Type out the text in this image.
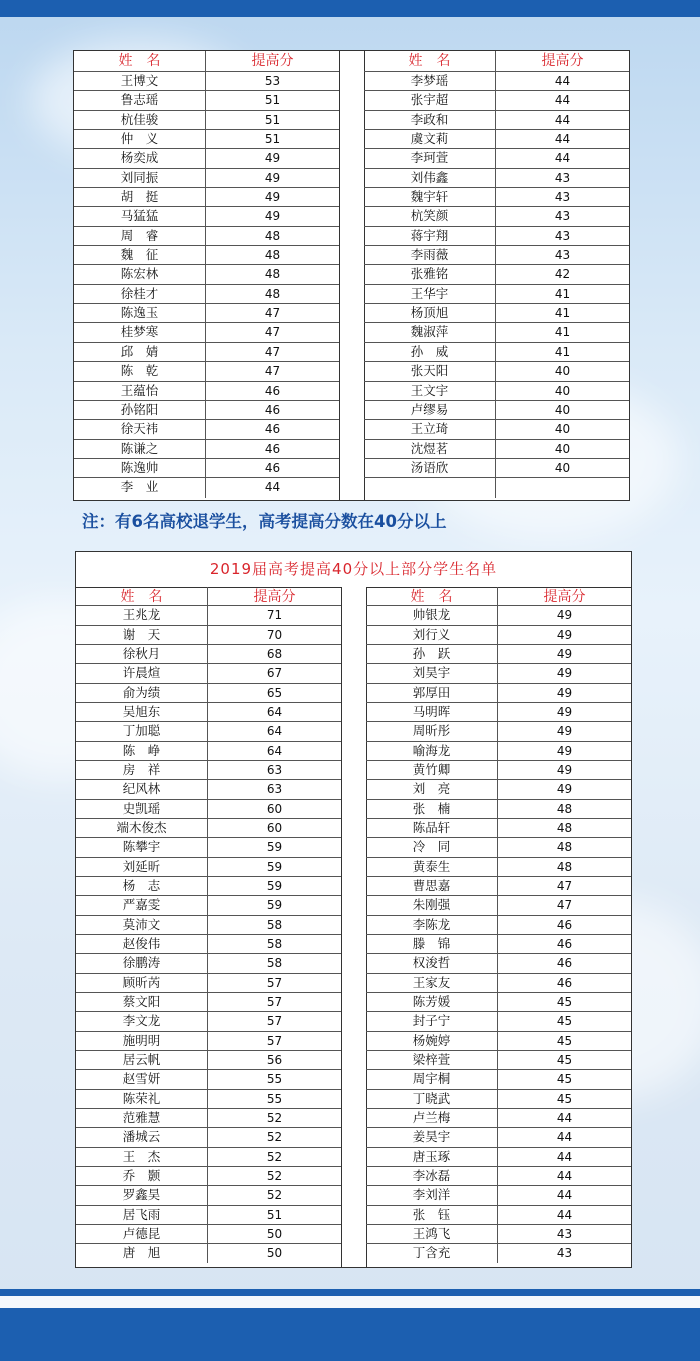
姓　名	提高分
王博文	53
鲁志瑶	51
杭佳骏	51
仲　义	51
杨奕成	49
刘同振	49
胡　挺	49
马猛猛	49
周　睿	48
魏　征	48
陈宏林	48
徐桂才	48
陈逸玉	47
桂梦寒	47
邱　婧	47
陈　乾	47
王蕴怡	46
孙铭阳	46
徐天祎	46
陈谦之	46
陈逸帅	46
李　业	44
姓　名	提高分
李梦瑶	44
张宇超	44
李政和	44
虞文莉	44
李珂萱	44
刘伟鑫	43
魏宇轩	43
杭笑颜	43
蒋宇翔	43
李雨薇	43
张雅铭	42
王华宇	41
杨顶旭	41
魏淑萍	41
孙　威	41
张天阳	40
王文宇	40
卢缪易	40
王立琦	40
沈煜茗	40
汤语欣	40
注：有6名高校退学生，高考提高分数在40分以上
2019届高考提高40分以上部分学生名单
姓　名	提高分
王兆龙	71
谢　天	70
徐秋月	68
许晨煊	67
俞为绩	65
吴旭东	64
丁加聪	64
陈　峥	64
房　祥	63
纪风林	63
史凯瑶	60
端木俊杰	60
陈攀宇	59
刘延昕	59
杨　志	59
严嘉雯	59
莫沛文	58
赵俊伟	58
徐鹏涛	58
顾昕芮	57
蔡文阳	57
李文龙	57
施明明	57
居云帆	56
赵雪妍	55
陈荣礼	55
范雅慧	52
潘城云	52
王　杰	52
乔　颢	52
罗鑫昊	52
居飞雨	51
卢德昆	50
唐　旭	50
姓　名	提高分
帅银龙	49
刘行义	49
孙　跃	49
刘昊宇	49
郭厚田	49
马明晖	49
周昕彤	49
喻海龙	49
黄竹卿	49
刘　亮	49
张　楠	48
陈品轩	48
冷　同	48
黄泰生	48
曹思嘉	47
朱刚强	47
李陈龙	46
滕　锦	46
权浚哲	46
王家友	46
陈芳媛	45
封子宁	45
杨婉婷	45
梁梓萱	45
周宇桐	45
丁晓武	45
卢兰梅	44
姜昊宇	44
唐玉琢	44
李冰磊	44
李刘洋	44
张　钰	44
王鸿飞	43
丁含充	43
